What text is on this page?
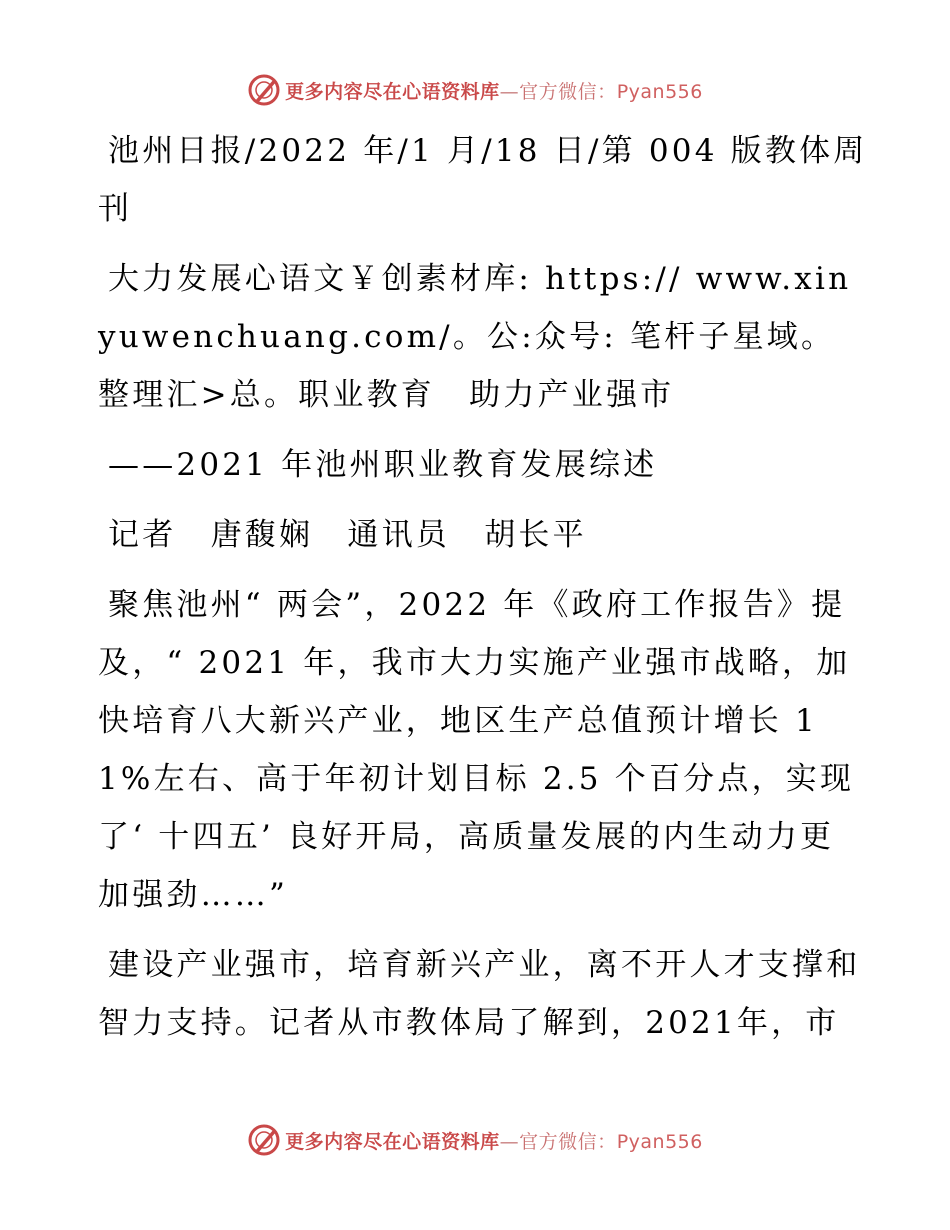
更多内容尽在心语资料库—官方微信：Pyan556

池州日报/2022 年/1 月/18 日/第 004 版教体周刊

大力发展心语文￥创素材库: https:// www.xinyuwenchuang.com/。公:众号: 笔杆子星域。整理汇>总。职业教育　助力产业强市

——2021 年池州职业教育发展综述

记者　唐馥娴　通讯员　胡长平

聚焦池州“ 两会”，2022 年《政府工作报告》提及，“ 2021 年，我市大力实施产业强市战略，加快培育八大新兴产业，地区生产总值预计增长 11%左右、高于年初计划目标 2.5 个百分点，实现了‘ 十四五’ 良好开局，高质量发展的内生动力更加强劲……”

建设产业强市，培育新兴产业，离不开人才支撑和智力支持。记者从市教体局了解到，2021年，市

更多内容尽在心语资料库—官方微信：Pyan556
